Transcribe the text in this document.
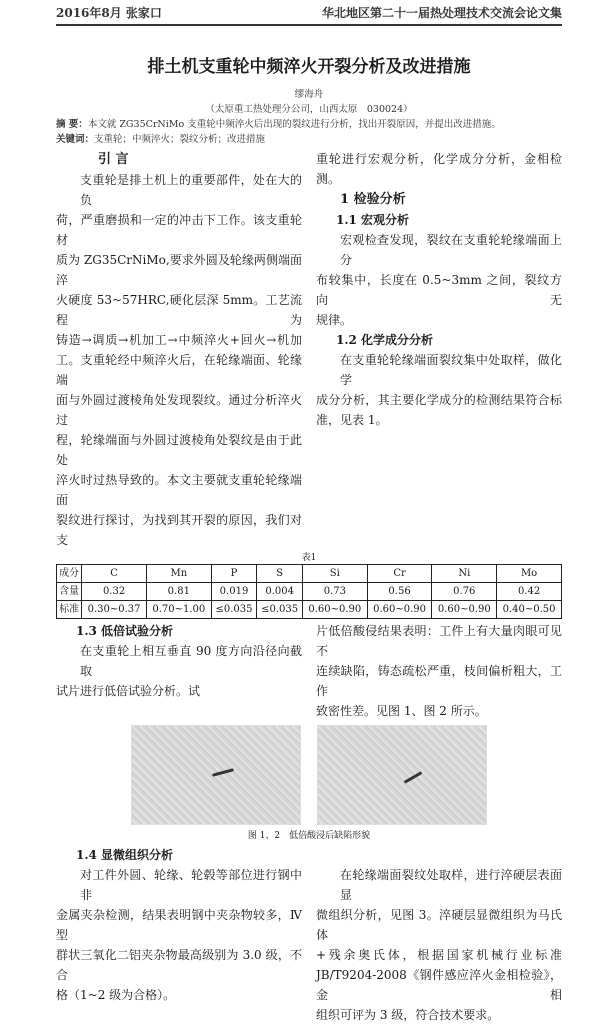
2016年8月 张家口	华北地区第二十一届热处理技术交流会论文集
排土机支重轮中频淬火开裂分析及改进措施
缪海舟
（太原重工热处理分公司，山西太原　030024）
摘 要：本文就 ZG35CrNiMo 支重轮中频淬火后出现的裂纹进行分析，找出开裂原因，并提出改进措施。
关键词：支重轮；中频淬火；裂纹分析；改进措施
引 言
支重轮是排土机上的重要部件，处在大的负
荷，严重磨损和一定的冲击下工作。该支重轮材
质为 ZG35CrNiMo,要求外圆及轮缘两侧端面淬
火硬度 53~57HRC,硬化层深 5mm。工艺流程为
铸造→调质→机加工→中频淬火+回火→机加
工。支重轮经中频淬火后，在轮缘端面、轮缘端
面与外圆过渡棱角处发现裂纹。通过分析淬火过
程，轮缘端面与外圆过渡棱角处裂纹是由于此处
淬火时过热导致的。本文主要就支重轮轮缘端面
裂纹进行探讨，为找到其开裂的原因，我们对支
重轮进行宏观分析，化学成分分析，金相检测。
1 检验分析
1.1 宏观分析
宏观检查发现，裂纹在支重轮轮缘端面上分
布较集中，长度在 0.5~3mm 之间，裂纹方向无
规律。
1.2 化学成分分析
在支重轮轮缘端面裂纹集中处取样，做化学
成分分析，其主要化学成分的检测结果符合标
准，见表 1。
表1
成分	C	Mn	P	S	Si	Cr	Ni	Mo
含量	0.32	0.81	0.019	0.004	0.73	0.56	0.76	0.42
标准	0.30~0.37	0.70~1.00	≤0.035	≤0.035	0.60~0.90	0.60~0.90	0.60~0.90	0.40~0.50
1.3 低倍试验分析
在支重轮上相互垂直 90 度方向沿径向截取
试片进行低倍试验分析。试
片低倍酸侵结果表明：工件上有大量肉眼可见不
连续缺陷，铸态疏松严重，枝间偏析粗大，工作
致密性差。见图 1、图 2 所示。
图 1、2　低倍酸浸后缺陷形貌
1.4 显微组织分析
对工件外圆、轮缘、轮毂等部位进行钢中非
金属夹杂检测，结果表明钢中夹杂物较多，Ⅳ型
群状三氧化二铝夹杂物最高级别为 3.0 级，不合
格（1~2 级为合格）。
在轮缘端面裂纹处取样，进行淬硬层表面显
微组织分析，见图 3。淬硬层显微组织为马氏体
+残余奥氏体，根据国家机械行业标准
JB/T9204-2008《钢件感应淬火金相检验》，金相
组织可评为 3 级，符合技术要求。
